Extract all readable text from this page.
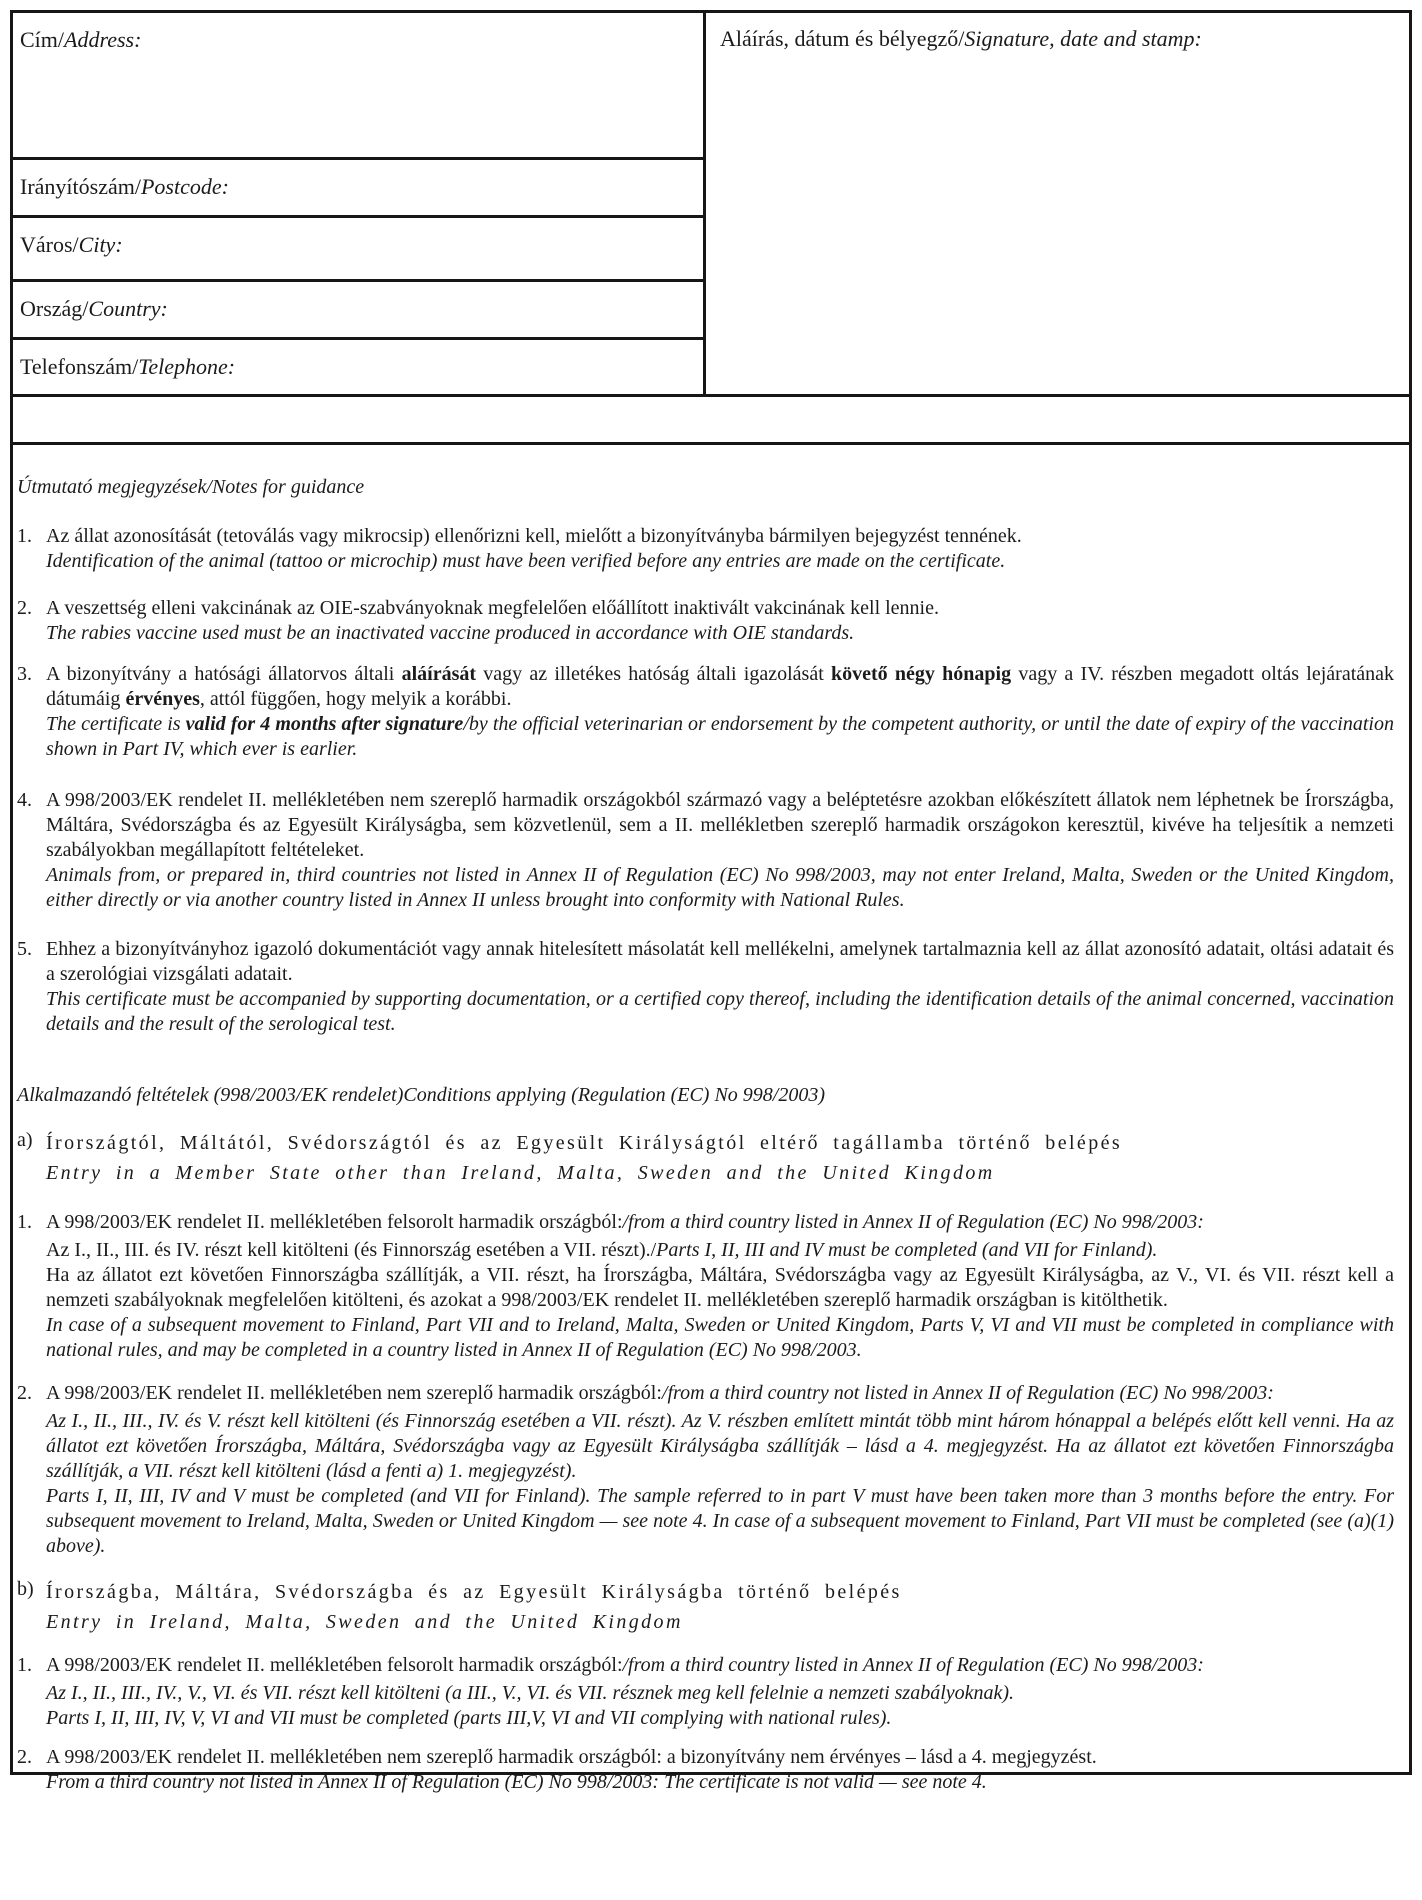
Cím/Address:
Irányítószám/Postcode:
Város/City:
Ország/Country:
Telefonszám/Telephone:
Aláírás, dátum és bélyegző/Signature, date and stamp:
Útmutató megjegyzések/Notes for guidance
1. Az állat azonosítását (tetoválás vagy mikrocsip) ellenőrizni kell, mielőtt a bizonyítványba bármilyen bejegyzést tennének.
Identification of the animal (tattoo or microchip) must have been verified before any entries are made on the certificate.
2. A veszettség elleni vakcinának az OIE-szabványoknak megfelelően előállított inaktivált vakcinának kell lennie.
The rabies vaccine used must be an inactivated vaccine produced in accordance with OIE standards.
3. A bizonyítvány a hatósági állatorvos általi aláírását vagy az illetékes hatóság általi igazolását követő négy hónapig vagy a IV. részben megadott oltás lejáratának dátumáig érvényes, attól függően, hogy melyik a korábbi.
The certificate is valid for 4 months after signature/by the official veterinarian or endorsement by the competent authority, or until the date of expiry of the vaccination shown in Part IV, which ever is earlier.
4. A 998/2003/EK rendelet II. mellékletében nem szereplő harmadik országokból származó vagy a beléptetésre azokban előkészített állatok nem léphetnek be Írországba, Máltára, Svédországba és az Egyesült Királyságba, sem közvetlenül, sem a II. mellékletben szereplő harmadik országokon keresztül, kivéve ha teljesítik a nemzeti szabályokban megállapított feltételeket.
Animals from, or prepared in, third countries not listed in Annex II of Regulation (EC) No 998/2003, may not enter Ireland, Malta, Sweden or the United Kingdom, either directly or via another country listed in Annex II unless brought into conformity with National Rules.
5. Ehhez a bizonyítványhoz igazoló dokumentációt vagy annak hitelesített másolatát kell mellékelni, amelynek tartalmaznia kell az állat azonosító adatait, oltási adatait és a szerológiai vizsgálati adatait.
This certificate must be accompanied by supporting documentation, or a certified copy thereof, including the identification details of the animal concerned, vaccination details and the result of the serological test.
Alkalmazandó feltételek (998/2003/EK rendelet)Conditions applying (Regulation (EC) No 998/2003)
a) Írországtól, Máltától, Svédországtól és az Egyesült Királyságtól eltérő tagállamba történő belépés
Entry in a Member State other than Ireland, Malta, Sweden and the United Kingdom
1. A 998/2003/EK rendelet II. mellékletében felsorolt harmadik országból:/from a third country listed in Annex II of Regulation (EC) No 998/2003:
Az I., II., III. és IV. részt kell kitölteni (és Finnország esetében a VII. részt)./Parts I, II, III and IV must be completed (and VII for Finland).
Ha az állatot ezt követően Finnországba szállítják, a VII. részt, ha Írországba, Máltára, Svédországba vagy az Egyesült Királyságba, az V., VI. és VII. részt kell a nemzeti szabályoknak megfelelően kitölteni, és azokat a 998/2003/EK rendelet II. mellékletében szereplő harmadik országban is kitölthetik.
In case of a subsequent movement to Finland, Part VII and to Ireland, Malta, Sweden or United Kingdom, Parts V, VI and VII must be completed in compliance with national rules, and may be completed in a country listed in Annex II of Regulation (EC) No 998/2003.
2. A 998/2003/EK rendelet II. mellékletében nem szereplő harmadik országból:/from a third country not listed in Annex II of Regulation (EC) No 998/2003:
Az I., II., III., IV. és V. részt kell kitölteni (és Finnország esetében a VII. részt). Az V. részben említett mintát több mint három hónappal a belépés előtt kell venni. Ha az állatot ezt követően Írországba, Máltára, Svédországba vagy az Egyesült Királyságba szállítják – lásd a 4. megjegyzést. Ha az állatot ezt követően Finnországba szállítják, a VII. részt kell kitölteni (lásd a fenti a) 1. megjegyzést).
Parts I, II, III, IV and V must be completed (and VII for Finland). The sample referred to in part V must have been taken more than 3 months before the entry. For subsequent movement to Ireland, Malta, Sweden or United Kingdom — see note 4. In case of a subsequent movement to Finland, Part VII must be completed (see (a)(1) above).
b) Írországba, Máltára, Svédországba és az Egyesült Királyságba történő belépés
Entry in Ireland, Malta, Sweden and the United Kingdom
1. A 998/2003/EK rendelet II. mellékletében felsorolt harmadik országból:/from a third country listed in Annex II of Regulation (EC) No 998/2003:
Az I., II., III., IV., V., VI. és VII. részt kell kitölteni (a III., V., VI. és VII. résznek meg kell felelnie a nemzeti szabályoknak).
Parts I, II, III, IV, V, VI and VII must be completed (parts III,V, VI and VII complying with national rules).
2. A 998/2003/EK rendelet II. mellékletében nem szereplő harmadik országból: a bizonyítvány nem érvényes – lásd a 4. megjegyzést.
From a third country not listed in Annex II of Regulation (EC) No 998/2003: The certificate is not valid — see note 4.
